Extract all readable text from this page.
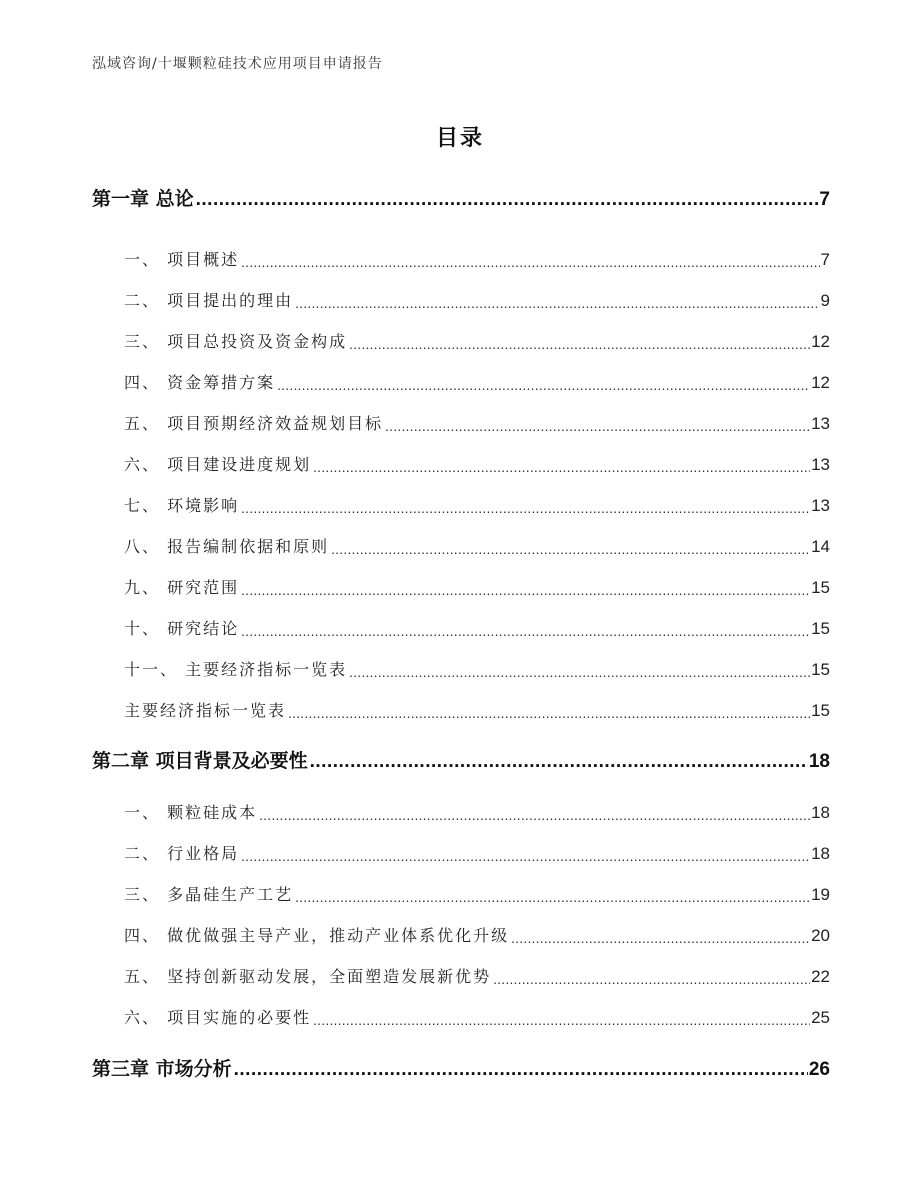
泓域咨询/十堰颗粒硅技术应用项目申请报告
目录
第一章 总论 .....	7
一、 项目概述 .....	7
二、 项目提出的理由 .....	9
三、 项目总投资及资金构成 .....	12
四、 资金筹措方案 .....	12
五、 项目预期经济效益规划目标 .....	13
六、 项目建设进度规划 .....	13
七、 环境影响 .....	13
八、 报告编制依据和原则 .....	14
九、 研究范围 .....	15
十、 研究结论 .....	15
十一、 主要经济指标一览表 .....	15
主要经济指标一览表 .....	15
第二章 项目背景及必要性 .....	18
一、 颗粒硅成本 .....	18
二、 行业格局 .....	18
三、 多晶硅生产工艺 .....	19
四、 做优做强主导产业，推动产业体系优化升级 .....	20
五、 坚持创新驱动发展，全面塑造发展新优势 .....	22
六、 项目实施的必要性 .....	25
第三章 市场分析 .....	26
